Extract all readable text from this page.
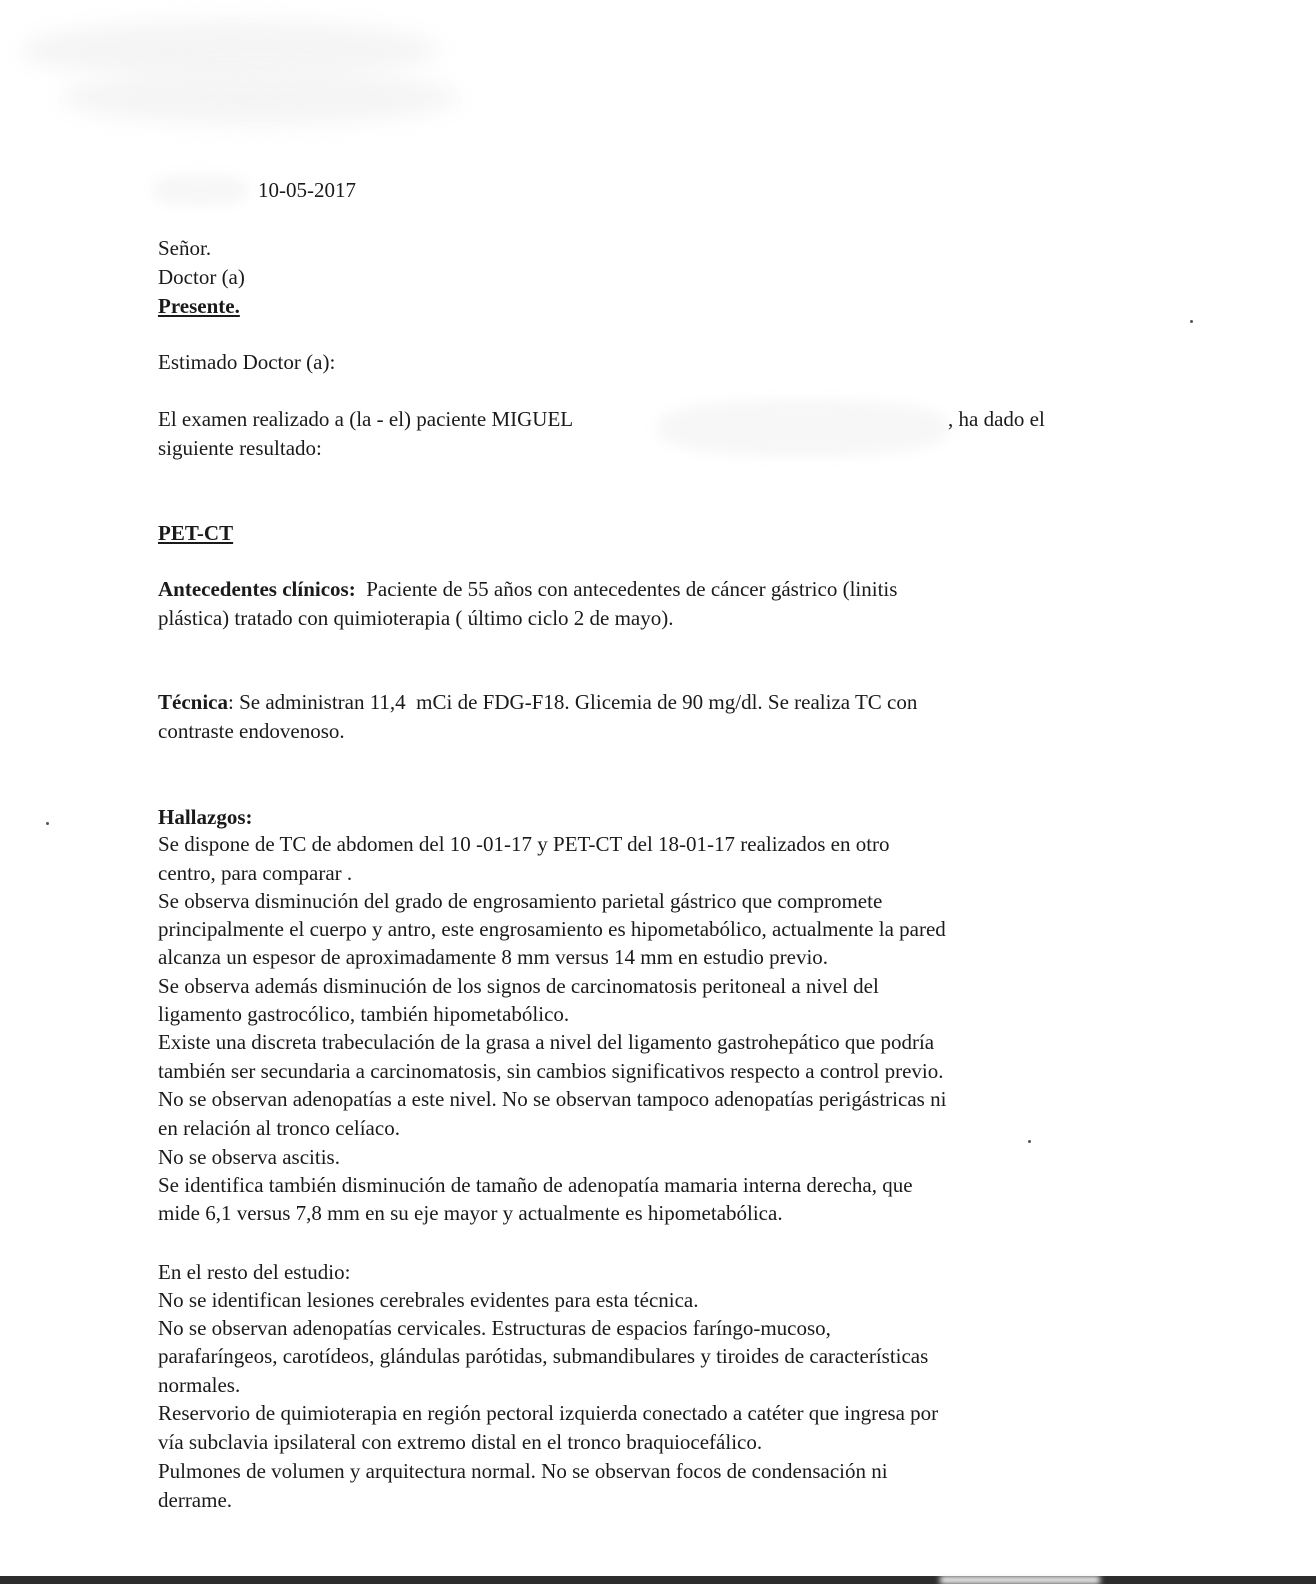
10-05-2017

Señor.

Doctor (a)

Presente.

Estimado Doctor (a):

El examen realizado a (la - el) paciente MIGUEL	, ha dado el

siguiente resultado:

PET-CT

Antecedentes clínicos:  Paciente de 55 años con antecedentes de cáncer gástrico (linitis

plástica) tratado con quimioterapia ( último ciclo 2 de mayo).

Técnica: Se administran 11,4  mCi de FDG-F18. Glicemia de 90 mg/dl. Se realiza TC con

contraste endovenoso.

Hallazgos:

Se dispone de TC de abdomen del 10 -01-17 y PET-CT del 18-01-17 realizados en otro

centro, para comparar .

Se observa disminución del grado de engrosamiento parietal gástrico que compromete

principalmente el cuerpo y antro, este engrosamiento es hipometabólico, actualmente la pared

alcanza un espesor de aproximadamente 8 mm versus 14 mm en estudio previo.

Se observa además disminución de los signos de carcinomatosis peritoneal a nivel del

ligamento gastrocólico, también hipometabólico.

Existe una discreta trabeculación de la grasa a nivel del ligamento gastrohepático que podría

también ser secundaria a carcinomatosis, sin cambios significativos respecto a control previo.

No se observan adenopatías a este nivel. No se observan tampoco adenopatías perigástricas ni

en relación al tronco celíaco.

No se observa ascitis.

Se identifica también disminución de tamaño de adenopatía mamaria interna derecha, que

mide 6,1 versus 7,8 mm en su eje mayor y actualmente es hipometabólica.

En el resto del estudio:

No se identifican lesiones cerebrales evidentes para esta técnica.

No se observan adenopatías cervicales. Estructuras de espacios faríngo-mucoso,

parafaríngeos, carotídeos, glándulas parótidas, submandibulares y tiroides de características

normales.

Reservorio de quimioterapia en región pectoral izquierda conectado a catéter que ingresa por

vía subclavia ipsilateral con extremo distal en el tronco braquiocefálico.

Pulmones de volumen y arquitectura normal. No se observan focos de condensación ni

derrame.
